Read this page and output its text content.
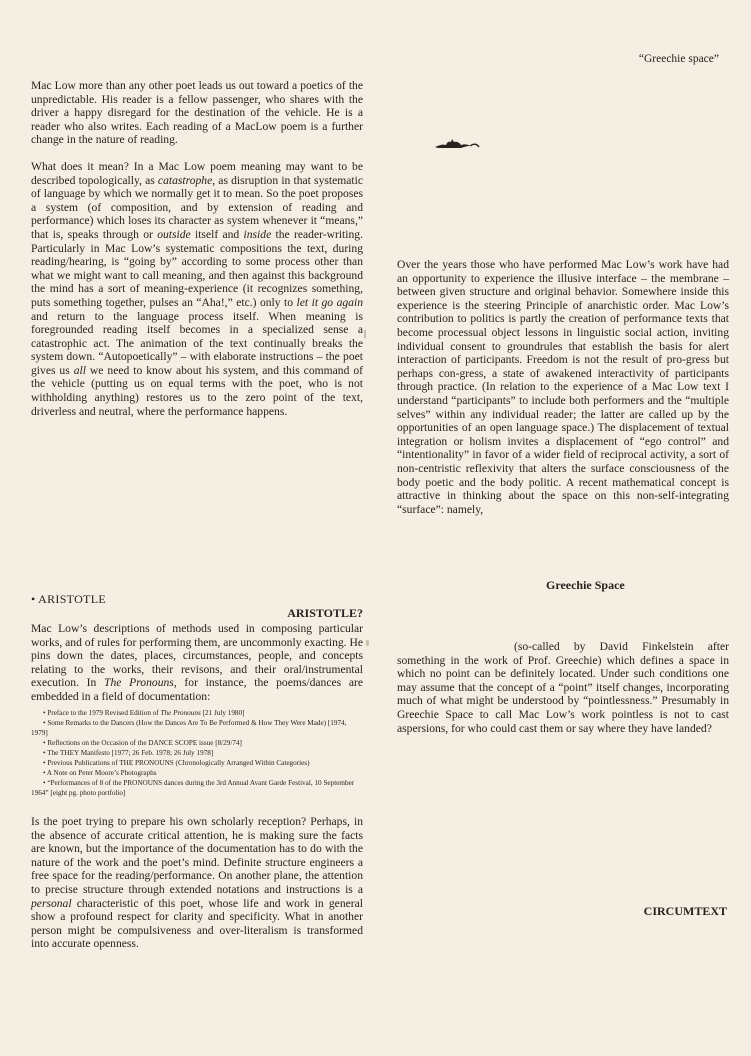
“Greechie space”

Mac Low more than any other poet leads us out toward a poetics of the unpredictable. His reader is a fellow passenger, who shares with the driver a happy disregard for the destination of the vehicle. He is a reader who also writes. Each reading of a MacLow poem is a further change in the nature of reading.

What does it mean? In a Mac Low poem meaning may want to be described topologically, as catastrophe, as disruption in that systematic of language by which we normally get it to mean. So the poet proposes a system (of composition, and by extension of reading and performance) which loses its character as system whenever it “means,” that is, speaks through or outside itself and inside the reader-writing. Particularly in Mac Low’s systematic compositions the text, during reading/hearing, is “going by” according to some process other than what we might want to call meaning, and then against this background the mind has a sort of meaning-experience (it recognizes something, puts something together, pulses an “Aha!,” etc.) only to let it go again and return to the language process itself. When meaning is foregrounded reading itself becomes in a specialized sense a catastrophic act. The animation of the text continually breaks the system down. “Autopoetically” – with elaborate instructions – the poet gives us all we need to know about his system, and this command of the vehicle (putting us on equal terms with the poet, who is not withholding anything) restores us to the zero point of the text, driverless and neutral, where the performance happens.

• ARISTOTLE
ARISTOTLE?

Mac Low’s descriptions of methods used in composing particular works, and of rules for performing them, are uncommonly exacting. He pins down the dates, places, circumstances, people, and concepts relating to the works, their revisons, and their oral/instrumental execution. In The Pronouns, for instance, the poems/dances are embedded in a field of documentation:

• Preface to the 1979 Revised Edition of The Pronouns [21 July 1980]
• Some Remarks to the Dancers (How the Dances Are To Be Performed & How They Were Made) [1974, 1979]
• Reflections on the Occasion of the DANCE SCOPE issue [8/29/74]
• The THEY Manifesto [1977; 26 Feb. 1978; 26 July 1978]
• Previous Publications of THE PRONOUNS (Chronologically Arranged Within Categories)
• A Note on Peter Moore’s Photographs
• “Performances of 8 of the PRONOUNS dances during the 3rd Annual Avant Garde Festival, 10 September 1964” [eight pg. photo portfolio]

Is the poet trying to prepare his own scholarly reception? Perhaps, in the absence of accurate critical attention, he is making sure the facts are known, but the importance of the documentation has to do with the nature of the work and the poet’s mind. Definite structure engineers a free space for the reading/performance. On another plane, the attention to precise structure through extended notations and instructions is a personal characteristic of this poet, whose life and work in general show a profound respect for clarity and specificity. What in another person might be compulsiveness and over-literalism is transformed into accurate openness.

Over the years those who have performed Mac Low’s work have had an opportunity to experience the illusive interface – the membrane – between given structure and original behavior. Somewhere inside this experience is the steering Principle of anarchistic order. Mac Low’s contribution to politics is partly the creation of performance texts that become processual object lessons in linguistic social action, inviting individual consent to groundrules that establish the basis for alert interaction of participants. Freedom is not the result of pro-gress but perhaps con-gress, a state of awakened interactivity of participants through practice. (In relation to the experience of a Mac Low text I understand “participants” to include both performers and the “multiple selves” within any individual reader; the latter are called up by the opportunities of an open language space.) The displacement of textual integration or holism invites a displacement of “ego control” and “intentionality” in favor of a wider field of reciprocal activity, a sort of non-centristic reflexivity that alters the surface consciousness of the body poetic and the body politic. A recent mathematical concept is attractive in thinking about the space on this non-self-integrating “surface”: namely,

Greechie Space

(so-called by David Finkelstein after something in the work of Prof. Greechie) which defines a space in which no point can be definitely located. Under such conditions one may assume that the concept of a “point” itself changes, incorporating much of what might be understood by “pointlessness.” Presumably in Greechie Space to call Mac Low’s work pointless is not to cast aspersions, for who could cast them or say where they have landed?

CIRCUMTEXT
